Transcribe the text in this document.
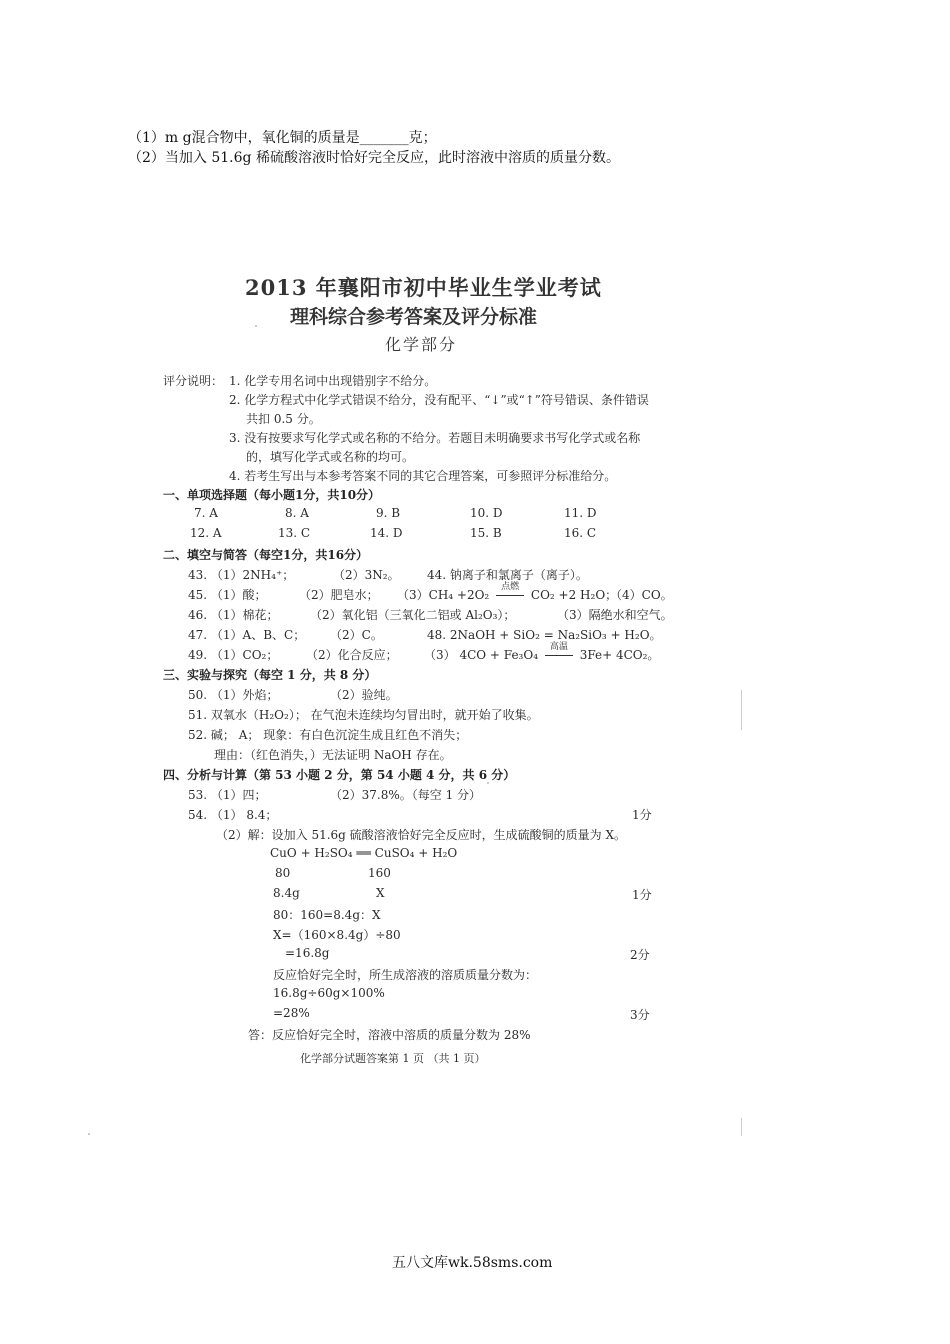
（1）m g混合物中，氧化铜的质量是_______克；
（2）当加入 51.6g 稀硫酸溶液时恰好完全反应，此时溶液中溶质的质量分数。
2013 年襄阳市初中毕业生学业考试
理科综合参考答案及评分标准
化学部分
评分说明： 1. 化学专用名词中出现错别字不给分。
2. 化学方程式中化学式错误不给分，没有配平、“↓”或“↑”符号错误、条件错误
共扣 0.5 分。
3. 没有按要求写化学式或名称的不给分。若题目未明确要求书写化学式或名称
的，填写化学式或名称的均可。
4. 若考生写出与本参考答案不同的其它合理答案，可参照评分标准给分。
一、单项选择题（每小题1分，共10分）
7. A	8. A	9. B	10. D	11. D
12. A	13. C	14. D	15. B	16. C
二、填空与简答（每空1分，共16分）
43. （1）2NH₄⁺；	（2）3N₂。 44. 钠离子和氯离子（离子）。
45. （1）酸；	（2）肥皂水； （3）CH₄ +2O₂
点燃
CO₂ +2 H₂O；
（4）CO。
46. （1）棉花；	（2）氧化铝（三氧化二铝或 Al₂O₃）；	（3）隔绝水和空气。
47. （1）A、B、C； （2）C。	48. 2NaOH + SiO₂ = Na₂SiO₃ + H₂O。
49. （1）CO₂； （2）化合反应； （3） 4CO + Fe₃O₄
高温
3Fe+ 4CO₂。
三、实验与探究（每空 1 分，共 8 分）
50. （1）外焰；	（2）验纯。
51. 双氧水（H₂O₂）； 在气泡未连续均匀冒出时，就开始了收集。
52. 碱； A； 现象：有白色沉淀生成且红色不消失；
理由：（红色消失，）无法证明 NaOH 存在。
四、分析与计算（第 53 小题 2 分，第 54 小题 4 分，共 6 分）
53. （1）四；	（2）37.8%。（每空 1 分）
54. （1） 8.4；	1分
（2）解：设加入 51.6g 硫酸溶液恰好完全反应时，生成硫酸铜的质量为 X。
CuO + H₂SO₄ ══ CuSO₄ + H₂O
80	160
8.4g	X	1分
80：160=8.4g：X
X=（160×8.4g）÷80
=16.8g	2分
反应恰好完全时，所生成溶液的溶质质量分数为：
16.8g÷60g×100%
=28%	3分
答：反应恰好完全时，溶液中溶质的质量分数为 28%
化学部分试题答案第 1 页 （共 1 页）
五八文库wk.58sms.com
